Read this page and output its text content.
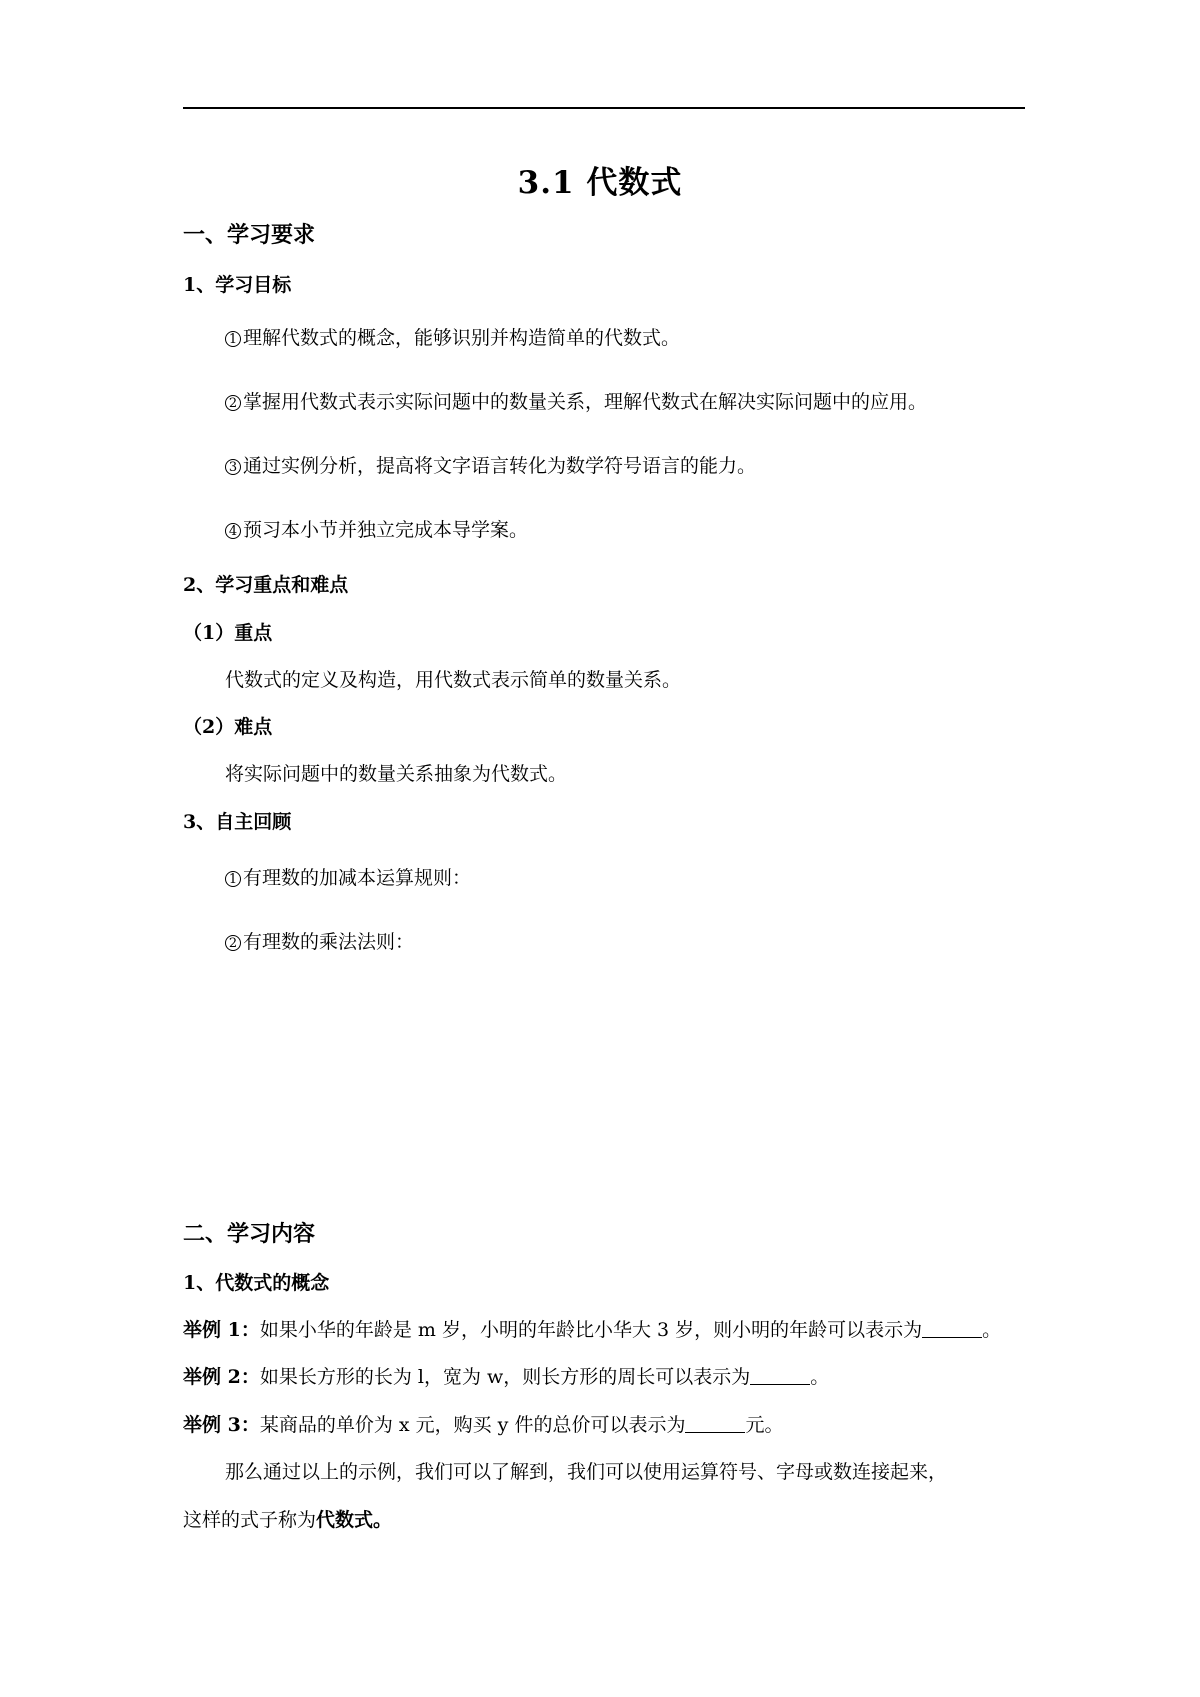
3.1 代数式
一、学习要求
1、学习目标
1 理解代数式的概念，能够识别并构造简单的代数式。
2 掌握用代数式表示实际问题中的数量关系，理解代数式在解决实际问题中的应用。
3 通过实例分析，提高将文字语言转化为数学符号语言的能力。
4 预习本小节并独立完成本导学案。
2、学习重点和难点
（1）重点
代数式的定义及构造，用代数式表示简单的数量关系。
（2）难点
将实际问题中的数量关系抽象为代数式。
3、自主回顾
1 有理数的加减本运算规则：
2 有理数的乘法法则：
二、学习内容
1、代数式的概念
举例 1：如果小华的年龄是 m 岁，小明的年龄比小华大 3 岁，则小明的年龄可以表示为	。
举例 2：如果长方形的长为 l，宽为 w，则长方形的周长可以表示为	。
举例 3：某商品的单价为 x 元，购买 y 件的总价可以表示为	元。
那么通过以上的示例，我们可以了解到，我们可以使用运算符号、字母或数连接起来，
这样的式子称为代数式。
